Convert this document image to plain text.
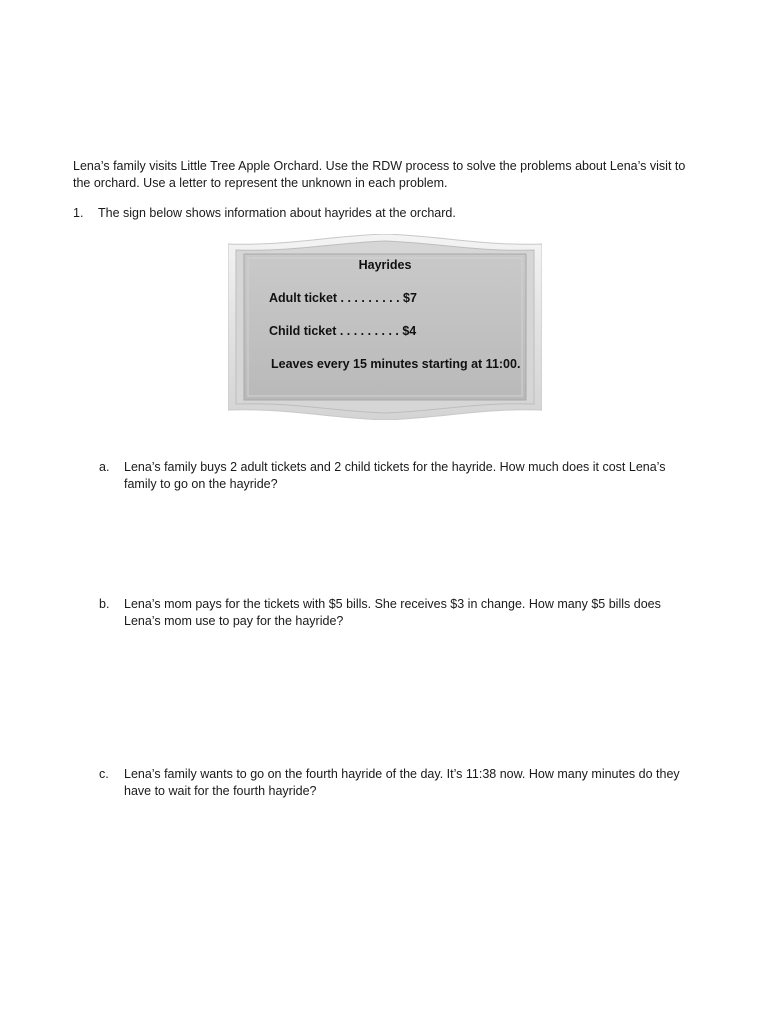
Lena’s family visits Little Tree Apple Orchard. Use the RDW process to solve the problems about Lena’s visit to the orchard. Use a letter to represent the unknown in each problem.
1. The sign below shows information about hayrides at the orchard.
Hayrides
Adult ticket . . . . . . . . . $7
Child ticket . . . . . . . . . $4
Leaves every 15 minutes starting at 11:00.
a. Lena’s family buys 2 adult tickets and 2 child tickets for the hayride. How much does it cost Lena’s family to go on the hayride?
b. Lena’s mom pays for the tickets with $5 bills. She receives $3 in change. How many $5 bills does Lena’s mom use to pay for the hayride?
c. Lena’s family wants to go on the fourth hayride of the day. It’s 11:38 now. How many minutes do they have to wait for the fourth hayride?
